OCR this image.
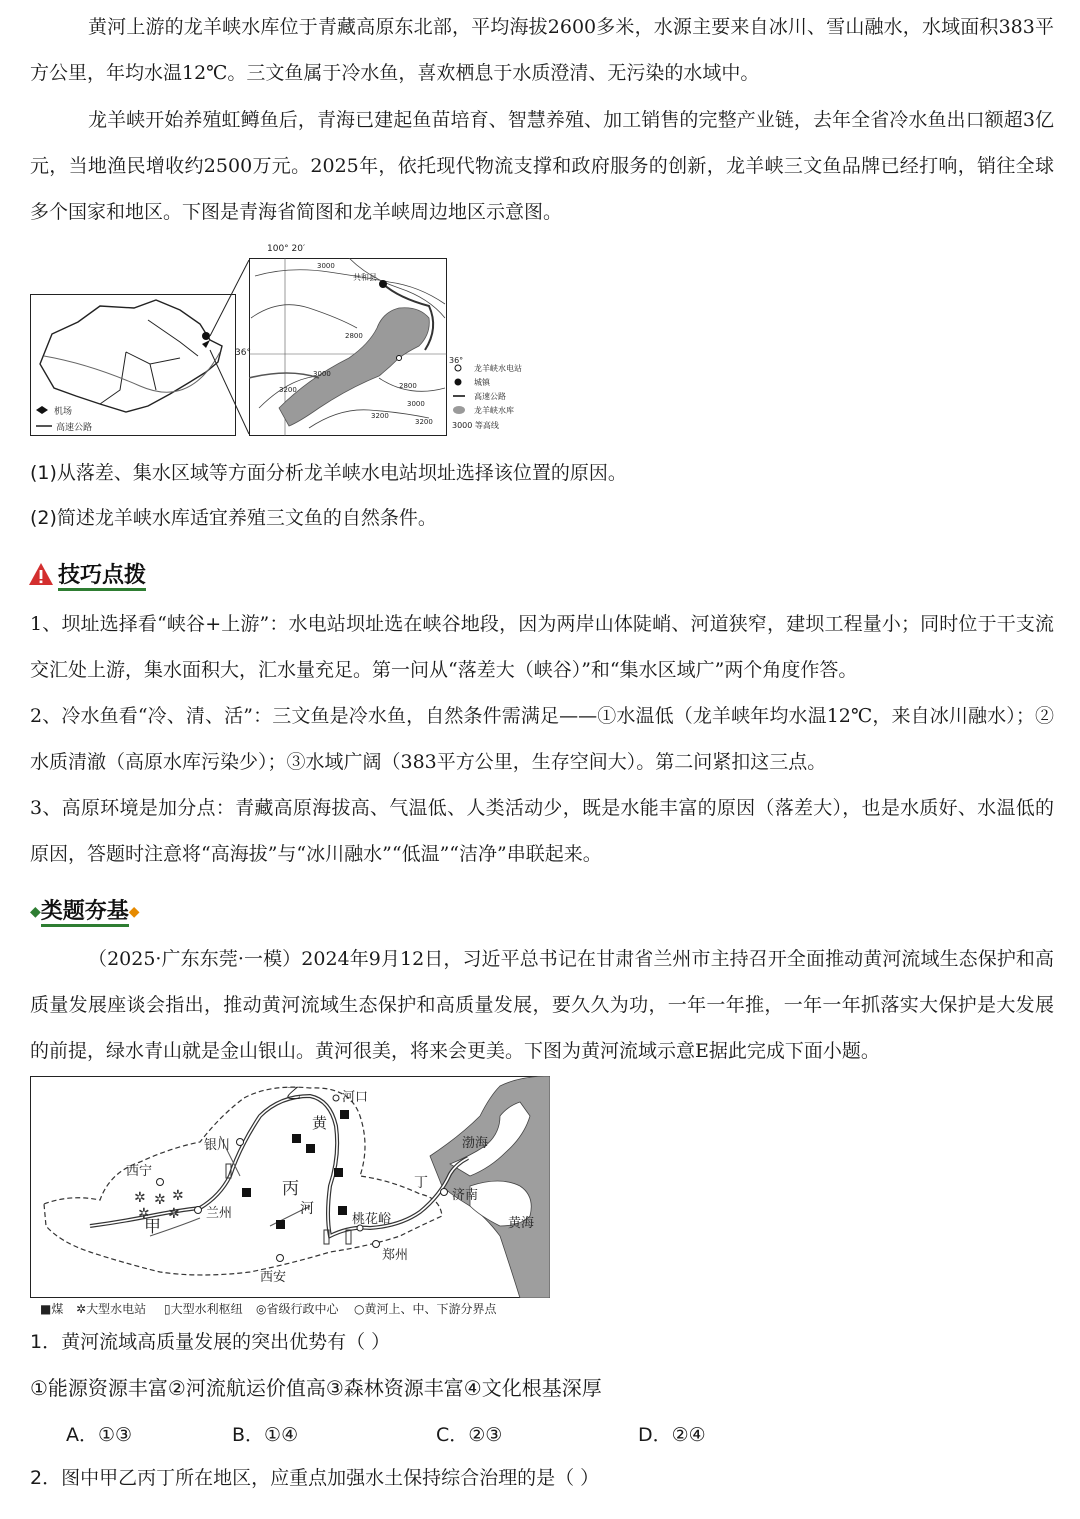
黄河上游的龙羊峡水库位于青藏高原东北部，平均海拔2600多米，水源主要来自冰川、雪山融水，水域面积383平方公里，年均水温12℃。三文鱼属于冷水鱼，喜欢栖息于水质澄清、无污染的水域中。
龙羊峡开始养殖虹鳟鱼后，青海已建起鱼苗培育、智慧养殖、加工销售的完整产业链，去年全省冷水鱼出口额超3亿元，当地渔民增收约2500万元。2025年，依托现代物流支撑和政府服务的创新，龙羊峡三文鱼品牌已经打响，销往全球多个国家和地区。下图是青海省简图和龙羊峡周边地区示意图。
机场
高速公路
100° 20′
36°
36°
共和县
3000
3200
2800
3000
2800
3000
3200
3200
龙羊峡水电站
城镇
高速公路
龙羊峡水库
3000 等高线
(1)从落差、集水区域等方面分析龙羊峡水电站坝址选择该位置的原因。
(2)简述龙羊峡水库适宜养殖三文鱼的自然条件。
技巧点拨
1、坝址选择看“峡谷+上游”：水电站坝址选在峡谷地段，因为两岸山体陡峭、河道狭窄，建坝工程量小；同时位于干支流交汇处上游，集水面积大，汇水量充足。第一问从“落差大（峡谷）”和“集水区域广”两个角度作答。
2、冷水鱼看“冷、清、活”：三文鱼是冷水鱼，自然条件需满足——①水温低（龙羊峡年均水温12℃，来自冰川融水）；②水质清澈（高原水库污染少）；③水域广阔（383平方公里，生存空间大）。第二问紧扣这三点。
3、高原环境是加分点：青藏高原海拔高、气温低、人类活动少，既是水能丰富的原因（落差大），也是水质好、水温低的原因，答题时注意将“高海拔”与“冰川融水”“低温”“洁净”串联起来。
◆类题夯基◆
（2025·广东东莞·一模）2024年9月12日，习近平总书记在甘肃省兰州市主持召开全面推动黄河流域生态保护和高质量发展座谈会指出，推动黄河流域生态保护和高质量发展，要久久为功，一年一年推，一年一年抓落实大保护是大发展的前提，绿水青山就是金山银山。黄河很美，将来会更美。下图为黄河流域示意E据此完成下面小题。
✲ ✲ ✲
✲ ✲
乙
黄
河口
银川
西宁
丙
河
甲
兰州	桃花峪
西安
郑州
丁
济南
渤海
黄海
■煤 ✲大型水电站 ▯大型水利枢纽 ◎省级行政中心 ○黄河上、中、下游分界点
1．黄河流域高质量发展的突出优势有（ ）
①能源资源丰富②河流航运价值高③森林资源丰富④文化根基深厚
A．①③	B．①④	C．②③	D．②④
2．图中甲乙丙丁所在地区，应重点加强水土保持综合治理的是（ ）
